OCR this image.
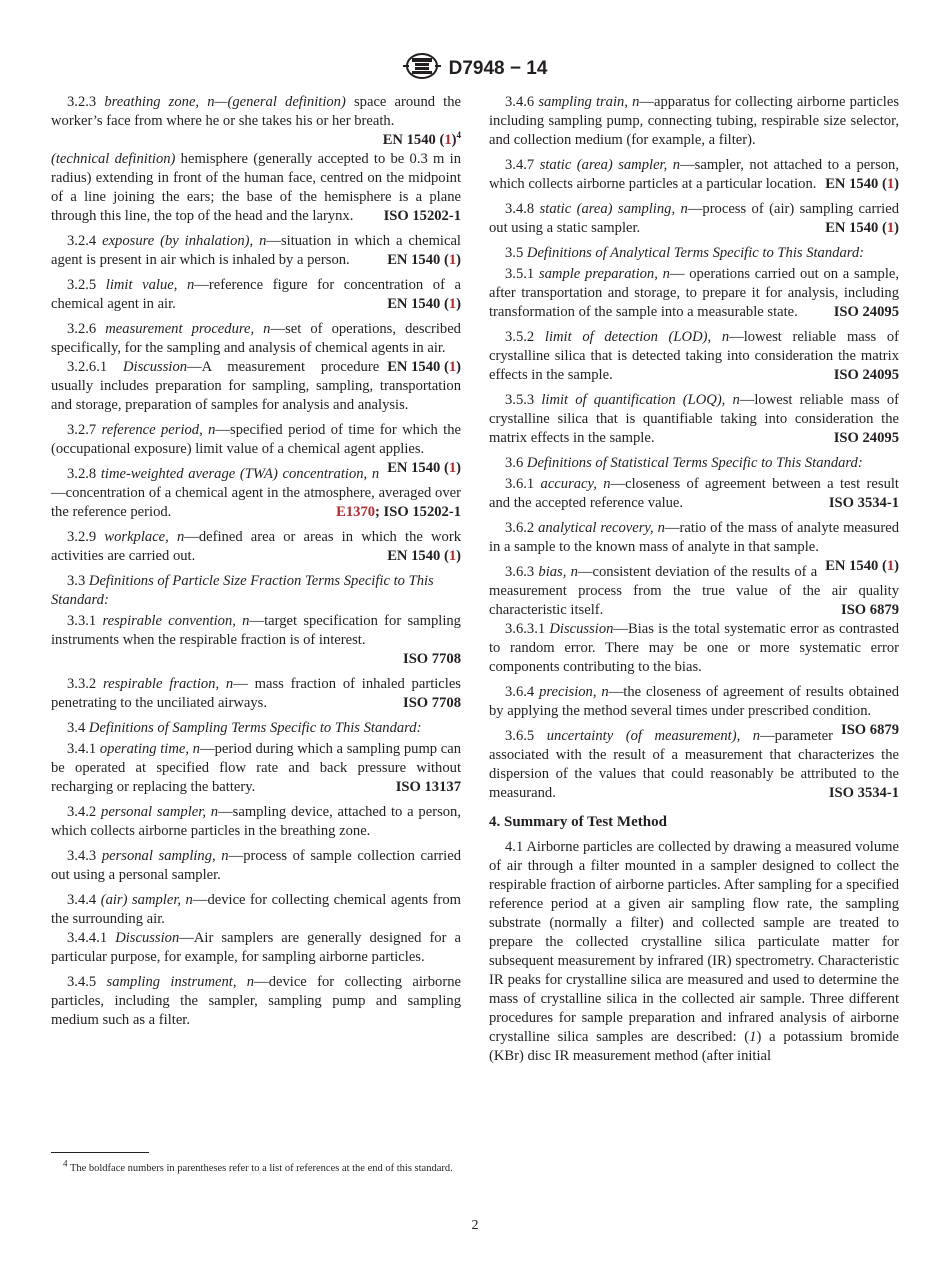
D7948 − 14

3.2.3 breathing zone, n—(general definition) space around the worker’s face from where he or she takes his or her breath.

EN 1540 $(1)^4$

(technical definition) hemisphere (generally accepted to be 0.3 m in radius) extending in front of the human face, centred on the midpoint of a line joining the ears; the base of the hemisphere is a plane through this line, the top of the head and the larynx. ISO 15202-1

3.2.4 exposure (by inhalation), n—situation in which a chemical agent is present in air which is inhaled by a person.	EN 1540 (1)

3.2.5 limit value, n—reference figure for concentration of a chemical agent in air.	EN 1540 (1)

3.2.6 measurement procedure, n—set of operations, described specifically, for the sampling and analysis of chemical agents in air.
EN 1540 (1)

3.2.6.1 Discussion—A measurement procedure usually includes preparation for sampling, sampling, transportation and storage, preparation of samples for analysis and analysis.

3.2.7 reference period, n—specified period of time for which the (occupational exposure) limit value of a chemical agent applies.
EN 1540 (1)

3.2.8 time-weighted average (TWA) concentration, n—concentration of a chemical agent in the atmosphere, averaged over the reference period.	E1370; ISO 15202-1

3.2.9 workplace, n—defined area or areas in which the work activities are carried out.	EN 1540 (1)

3.3 Definitions of Particle Size Fraction Terms Specific to This Standard:

3.3.1 respirable convention, n—target specification for sampling instruments when the respirable fraction is of interest.

ISO 7708

3.3.2 respirable fraction, n— mass fraction of inhaled particles penetrating to the unciliated airways.	ISO 7708

3.4 Definitions of Sampling Terms Specific to This Standard:

3.4.1 operating time, n—period during which a sampling pump can be operated at specified flow rate and back pressure without recharging or replacing the battery.	ISO 13137

3.4.2 personal sampler, n—sampling device, attached to a person, which collects airborne particles in the breathing zone.

3.4.3 personal sampling, n—process of sample collection carried out using a personal sampler.

3.4.4 (air) sampler, n—device for collecting chemical agents from the surrounding air.

3.4.4.1 Discussion—Air samplers are generally designed for a particular purpose, for example, for sampling airborne particles.

3.4.5 sampling instrument, n—device for collecting airborne particles, including the sampler, sampling pump and sampling medium such as a filter.

3.4.6 sampling train, n—apparatus for collecting airborne particles including sampling pump, connecting tubing, respirable size selector, and collection medium (for example, a filter).

3.4.7 static (area) sampler, n—sampler, not attached to a person, which collects airborne particles at a particular location. EN 1540 (1)

3.4.8 static (area) sampling, n—process of (air) sampling carried out using a static sampler.	EN 1540 (1)

3.5 Definitions of Analytical Terms Specific to This Standard:

3.5.1 sample preparation, n— operations carried out on a sample, after transportation and storage, to prepare it for analysis, including transformation of the sample into a measurable state. ISO 24095

3.5.2 limit of detection (LOD), n—lowest reliable mass of crystalline silica that is detected taking into consideration the matrix effects in the sample.	ISO 24095

3.5.3 limit of quantification (LOQ), n—lowest reliable mass of crystalline silica that is quantifiable taking into consideration the matrix effects in the sample.	ISO 24095

3.6 Definitions of Statistical Terms Specific to This Standard:

3.6.1 accuracy, n—closeness of agreement between a test result and the accepted reference value.	ISO 3534-1

3.6.2 analytical recovery, n—ratio of the mass of analyte measured in a sample to the known mass of analyte in that sample.
EN 1540 (1)

3.6.3 bias, n—consistent deviation of the results of a measurement process from the true value of the air quality characteristic itself.	ISO 6879

3.6.3.1 Discussion—Bias is the total systematic error as contrasted to random error. There may be one or more systematic error components contributing to the bias.

3.6.4 precision, n—the closeness of agreement of results obtained by applying the method several times under prescribed condition.
ISO 6879

3.6.5 uncertainty (of measurement), n—parameter associated with the result of a measurement that characterizes the dispersion of the values that could reasonably be attributed to the measurand.	ISO 3534-1

4. Summary of Test Method

4.1 Airborne particles are collected by drawing a measured volume of air through a filter mounted in a sampler designed to collect the respirable fraction of airborne particles. After sampling for a specified reference period at a given air sampling flow rate, the sampling substrate (normally a filter) and collected sample are treated to prepare the collected crystalline silica particulate matter for subsequent measurement by infrared (IR) spectrometry. Characteristic IR peaks for crystalline silica are measured and used to determine the mass of crystalline silica in the collected air sample. Three different procedures for sample preparation and infrared analysis of airborne crystalline silica samples are described: (1) a potassium bromide (KBr) disc IR measurement method (after initial

$^4$ The boldface numbers in parentheses refer to a list of references at the end of this standard.
2
